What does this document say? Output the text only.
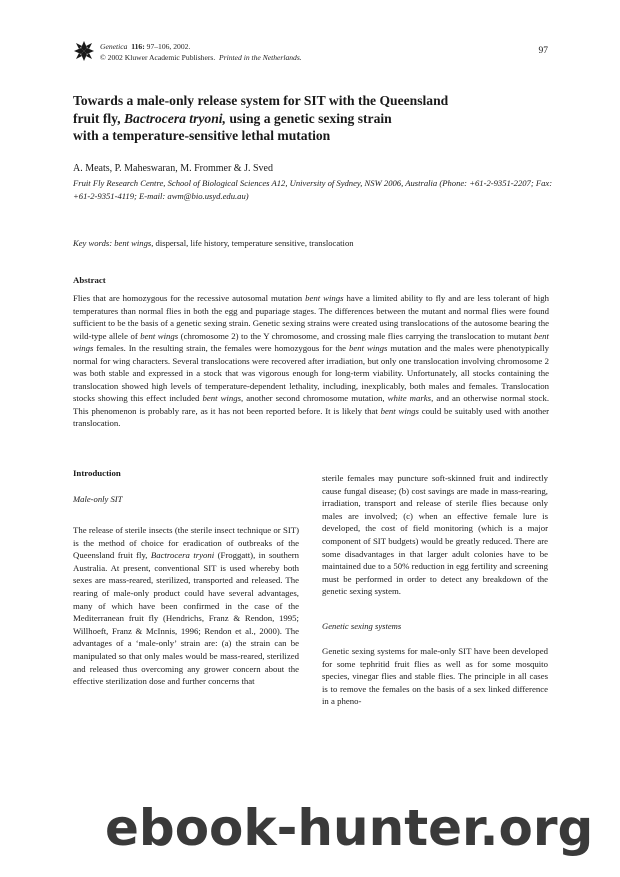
Genetica 116: 97–106, 2002.
© 2002 Kluwer Academic Publishers. Printed in the Netherlands.
97
Towards a male-only release system for SIT with the Queensland
fruit fly, Bactrocera tryoni, using a genetic sexing strain
with a temperature-sensitive lethal mutation
A. Meats, P. Maheswaran, M. Frommer & J. Sved
Fruit Fly Research Centre, School of Biological Sciences A12, University of Sydney, NSW 2006, Australia (Phone: +61-2-9351-2207; Fax: +61-2-9351-4119; E-mail: awm@bio.usyd.edu.au)
Key words: bent wings, dispersal, life history, temperature sensitive, translocation
Abstract
Flies that are homozygous for the recessive autosomal mutation bent wings have a limited ability to fly and are less tolerant of high temperatures than normal flies in both the egg and pupariage stages. The differences between the mutant and normal flies were found sufficient to be the basis of a genetic sexing strain. Genetic sexing strains were created using translocations of the autosome bearing the wild-type allele of bent wings (chromosome 2) to the Y chromosome, and crossing male flies carrying the translocation to mutant bent wings females. In the resulting strain, the females were homozygous for the bent wings mutation and the males were phenotypically normal for wing characters. Several translocations were recovered after irradiation, but only one translocation involving chromosome 2 was both stable and expressed in a stock that was vigorous enough for long-term viability. Unfortunately, all stocks containing the translocation showed high levels of temperature-dependent lethality, including, inexplicably, both males and females. Translocation stocks showing this effect included bent wings, another second chromosome mutation, white marks, and an otherwise normal stock. This phenomenon is probably rare, as it has not been reported before. It is likely that bent wings could be suitably used with another translocation.
Introduction
Male-only SIT
The release of sterile insects (the sterile insect technique or SIT) is the method of choice for eradication of outbreaks of the Queensland fruit fly, Bactrocera tryoni (Froggatt), in southern Australia. At present, conventional SIT is used whereby both sexes are mass-reared, sterilized, transported and released. The rearing of male-only product could have several advantages, many of which have been confirmed in the case of the Mediterranean fruit fly (Hendrichs, Franz & Rendon, 1995; Willhoeft, Franz & McInnis, 1996; Rendon et al., 2000). The advantages of a ‘male-only’ strain are: (a) the strain can be manipulated so that only males would be mass-reared, sterilized and released thus overcoming any grower concern about the effective sterilization dose and further concerns that
sterile females may puncture soft-skinned fruit and indirectly cause fungal disease; (b) cost savings are made in mass-rearing, irradiation, transport and release of sterile flies because only males are involved; (c) when an effective female lure is developed, the cost of field monitoring (which is a major component of SIT budgets) would be greatly reduced. There are some disadvantages in that larger adult colonies have to be maintained due to a 50% reduction in egg fertility and screening must be performed in order to detect any breakdown of the genetic sexing system.
Genetic sexing systems
Genetic sexing systems for male-only SIT have been developed for some tephritid fruit flies as well as for some mosquito species, vinegar flies and stable flies. The principle in all cases is to remove the females on the basis of a sex linked difference in a pheno-
ebook-hunter.org
